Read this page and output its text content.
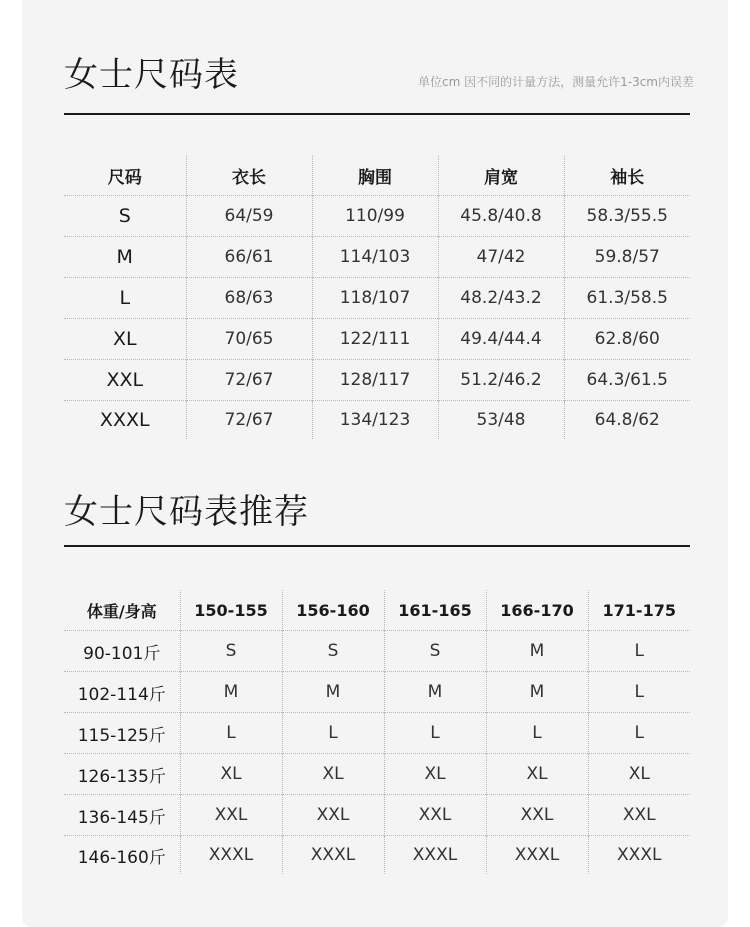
女士尺码表	单位cm 因不同的计量方法，测量允许1-3cm内误差
尺码	衣长	胸围	肩宽	袖长
S	64/59	110/99	45.8/40.8	58.3/55.5
M	66/61	114/103	47/42	59.8/57
L	68/63	118/107	48.2/43.2	61.3/58.5
XL	70/65	122/111	49.4/44.4	62.8/60
XXL	72/67	128/117	51.2/46.2	64.3/61.5
XXXL	72/67	134/123	53/48	64.8/62
女士尺码表推荐
体重/身高	150-155	156-160	161-165	166-170	171-175
90-101斤	S	S	S	M	L
102-114斤	M	M	M	M	L
115-125斤	L	L	L	L	L
126-135斤	XL	XL	XL	XL	XL
136-145斤	XXL	XXL	XXL	XXL	XXL
146-160斤	XXXL	XXXL	XXXL	XXXL	XXXL
